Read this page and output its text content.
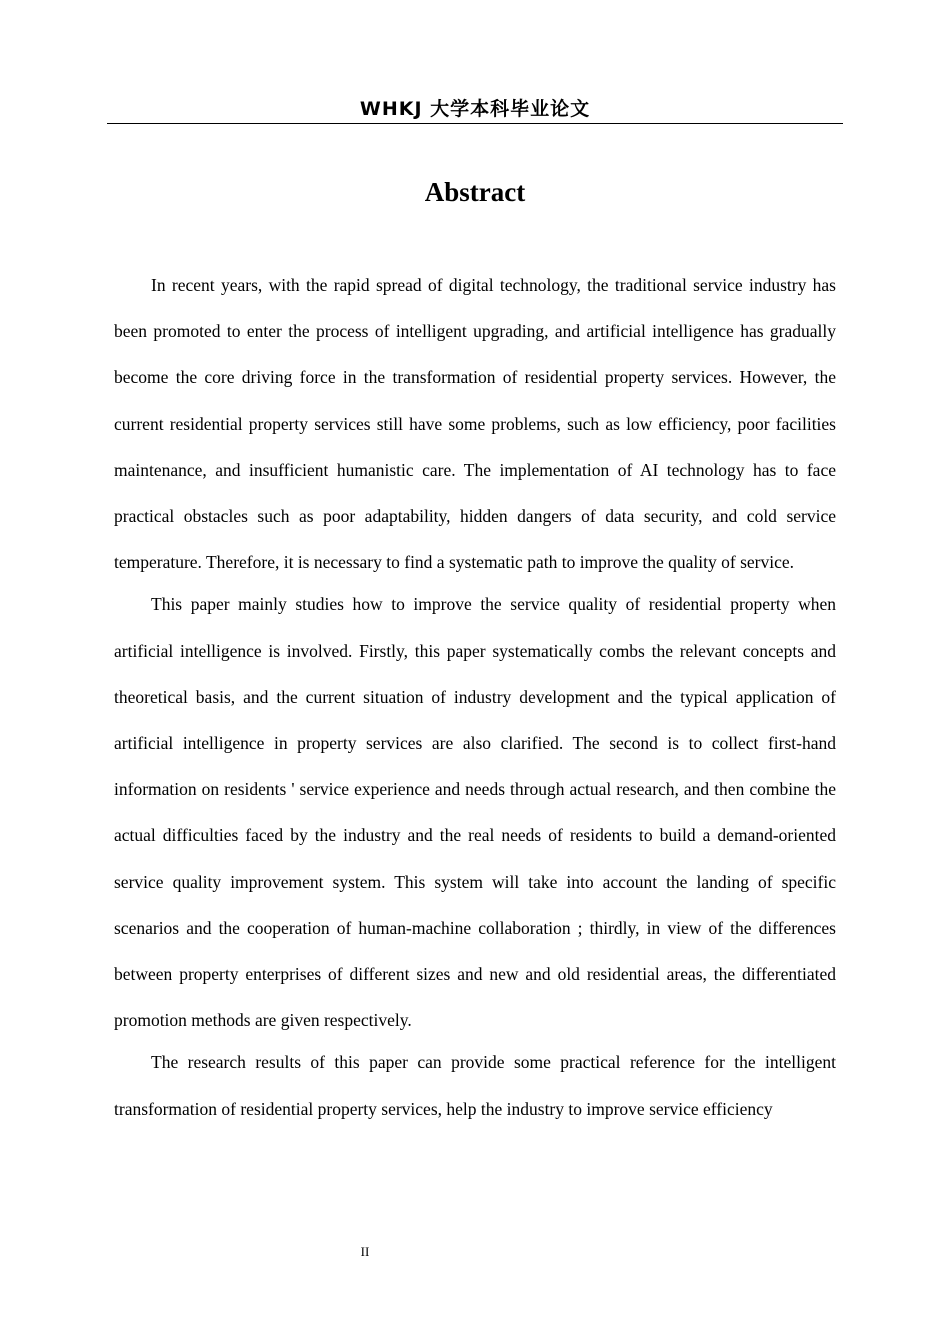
WHKJ 大学本科毕业论文
Abstract

In recent years, with the rapid spread of digital technology, the traditional service industry has been promoted to enter the process of intelligent upgrading, and artificial intelligence has gradually become the core driving force in the transformation of residential property services. However, the current residential property services still have some problems, such as low efficiency, poor facilities maintenance, and insufficient humanistic care. The implementation of AI technology has to face practical obstacles such as poor adaptability, hidden dangers of data security, and cold service temperature. Therefore, it is necessary to find a systematic path to improve the quality of service.

This paper mainly studies how to improve the service quality of residential property when artificial intelligence is involved. Firstly, this paper systematically combs the relevant concepts and theoretical basis, and the current situation of industry development and the typical application of artificial intelligence in property services are also clarified. The second is to collect first-hand information on residents ' service experience and needs through actual research, and then combine the actual difficulties faced by the industry and the real needs of residents to build a demand-oriented service quality improvement system. This system will take into account the landing of specific scenarios and the cooperation of human-machine collaboration ; thirdly, in view of the differences between property enterprises of different sizes and new and old residential areas, the differentiated promotion methods are given respectively.

The research results of this paper can provide some practical reference for the intelligent transformation of residential property services, help the industry to improve service efficiency

II
